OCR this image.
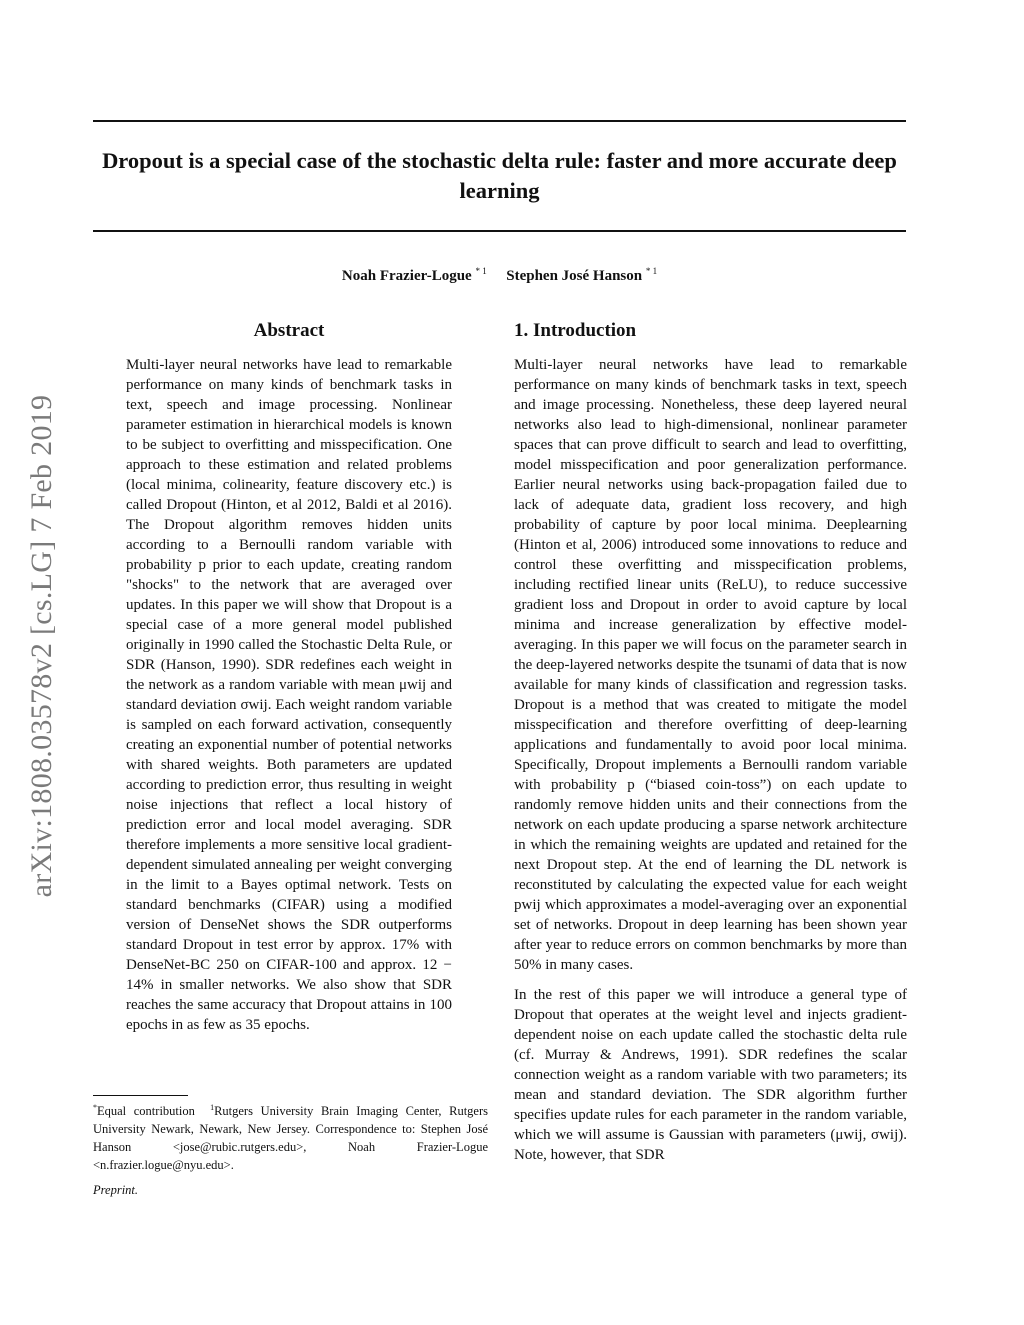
Dropout is a special case of the stochastic delta rule: faster and more accurate deep learning
Noah Frazier-Logue $^{* 1}$ Stephen José Hanson $^{* 1}$
arXiv:1808.03578v2 [cs.LG] 7 Feb 2019
Abstract

Multi-layer neural networks have lead to remarkable performance on many kinds of benchmark tasks in text, speech and image processing. Nonlinear parameter estimation in hierarchical models is known to be subject to overfitting and misspecification. One approach to these estimation and related problems (local minima, colinearity, feature discovery etc.) is called Dropout (Hinton, et al 2012, Baldi et al 2016). The Dropout algorithm removes hidden units according to a Bernoulli random variable with probability p prior to each update, creating random "shocks" to the network that are averaged over updates. In this paper we will show that Dropout is a special case of a more general model published originally in 1990 called the Stochastic Delta Rule, or SDR (Hanson, 1990). SDR redefines each weight in the network as a random variable with mean μwij and standard deviation σwij. Each weight random variable is sampled on each forward activation, consequently creating an exponential number of potential networks with shared weights. Both parameters are updated according to prediction error, thus resulting in weight noise injections that reflect a local history of prediction error and local model averaging. SDR therefore implements a more sensitive local gradient-dependent simulated annealing per weight converging in the limit to a Bayes optimal network. Tests on standard benchmarks (CIFAR) using a modified version of DenseNet shows the SDR outperforms standard Dropout in test error by approx. 17% with DenseNet-BC 250 on CIFAR-100 and approx. 12 − 14% in smaller networks. We also show that SDR reaches the same accuracy that Dropout attains in 100 epochs in as few as 35 epochs.

*Equal contribution $^1$Rutgers University Brain Imaging Center, Rutgers University Newark, Newark, New Jersey. Correspondence to: Stephen José Hanson <jose@rubic.rutgers.edu>, Noah Frazier-Logue <n.frazier.logue@nyu.edu>.

Preprint.
1. Introduction

Multi-layer neural networks have lead to remarkable performance on many kinds of benchmark tasks in text, speech and image processing. Nonetheless, these deep layered neural networks also lead to high-dimensional, nonlinear parameter spaces that can prove difficult to search and lead to overfitting, model misspecification and poor generalization performance. Earlier neural networks using back-propagation failed due to lack of adequate data, gradient loss recovery, and high probability of capture by poor local minima. Deeplearning (Hinton et al, 2006) introduced some innovations to reduce and control these overfitting and misspecification problems, including rectified linear units (ReLU), to reduce successive gradient loss and Dropout in order to avoid capture by local minima and increase generalization by effective model-averaging. In this paper we will focus on the parameter search in the deep-layered networks despite the tsunami of data that is now available for many kinds of classification and regression tasks. Dropout is a method that was created to mitigate the model misspecification and therefore overfitting of deep-learning applications and fundamentally to avoid poor local minima. Specifically, Dropout implements a Bernoulli random variable with probability p (“biased coin-toss”) on each update to randomly remove hidden units and their connections from the network on each update producing a sparse network architecture in which the remaining weights are updated and retained for the next Dropout step. At the end of learning the DL network is reconstituted by calculating the expected value for each weight pwij which approximates a model-averaging over an exponential set of networks. Dropout in deep learning has been shown year after year to reduce errors on common benchmarks by more than 50% in many cases.

In the rest of this paper we will introduce a general type of Dropout that operates at the weight level and injects gradient-dependent noise on each update called the stochastic delta rule (cf. Murray & Andrews, 1991). SDR redefines the scalar connection weight as a random variable with two parameters; its mean and standard deviation. The SDR algorithm further specifies update rules for each parameter in the random variable, which we will assume is Gaussian with parameters (μwij, σwij). Note, however, that SDR
